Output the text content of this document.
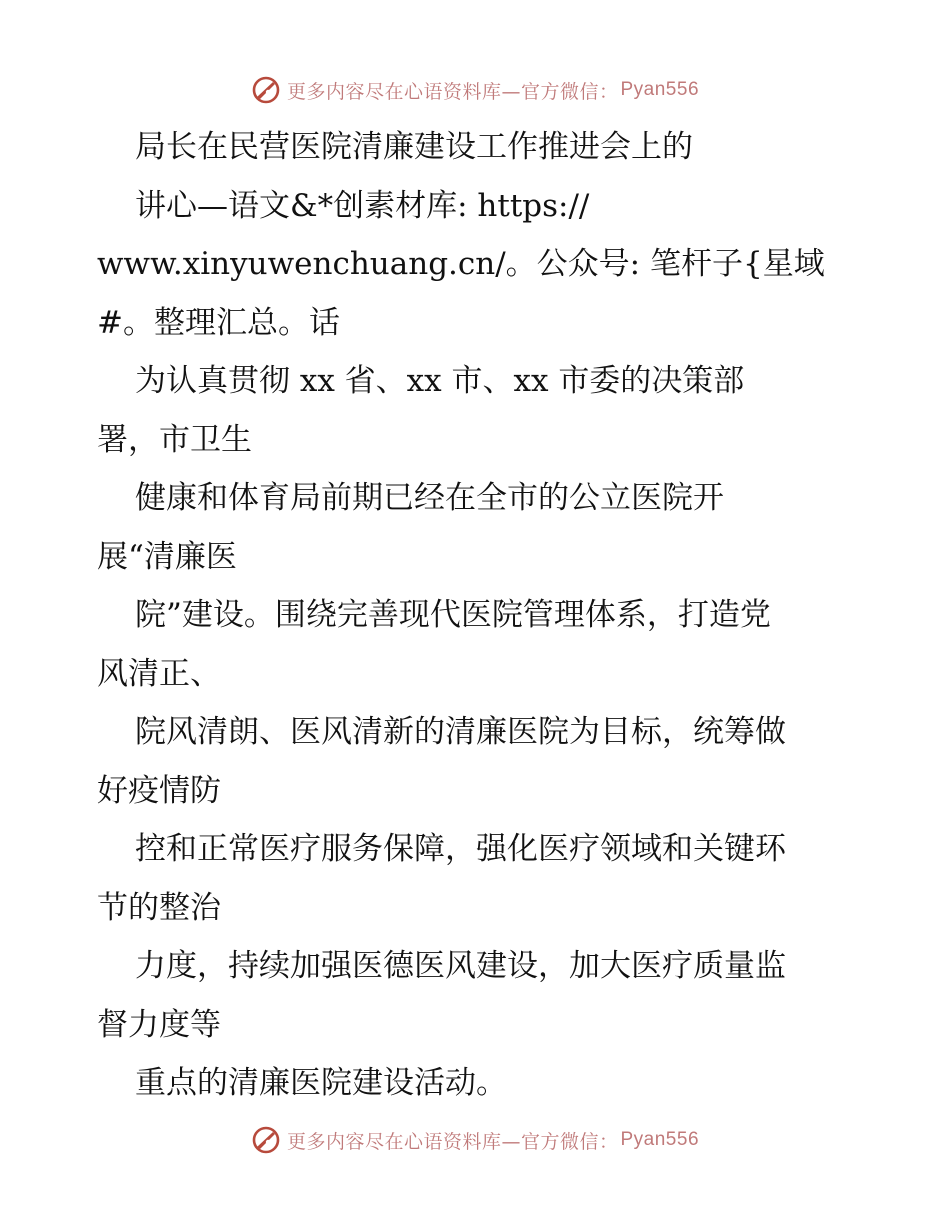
更多内容尽在心语资料库—官方微信： Pyan556
局长在民营医院清廉建设工作推进会上的
讲心—语文&*创素材库: https://
www.xinyuwenchuang.cn/。公众号: 笔杆子{星域
#。整理汇总。话
为认真贯彻 xx 省、xx 市、xx 市委的决策部
署，市卫生
健康和体育局前期已经在全市的公立医院开
展“清廉医
院”建设。围绕完善现代医院管理体系，打造党
风清正、
院风清朗、医风清新的清廉医院为目标，统筹做
好疫情防
控和正常医疗服务保障，强化医疗领域和关键环
节的整治
力度，持续加强医德医风建设，加大医疗质量监
督力度等
重点的清廉医院建设活动。
更多内容尽在心语资料库—官方微信： Pyan556
